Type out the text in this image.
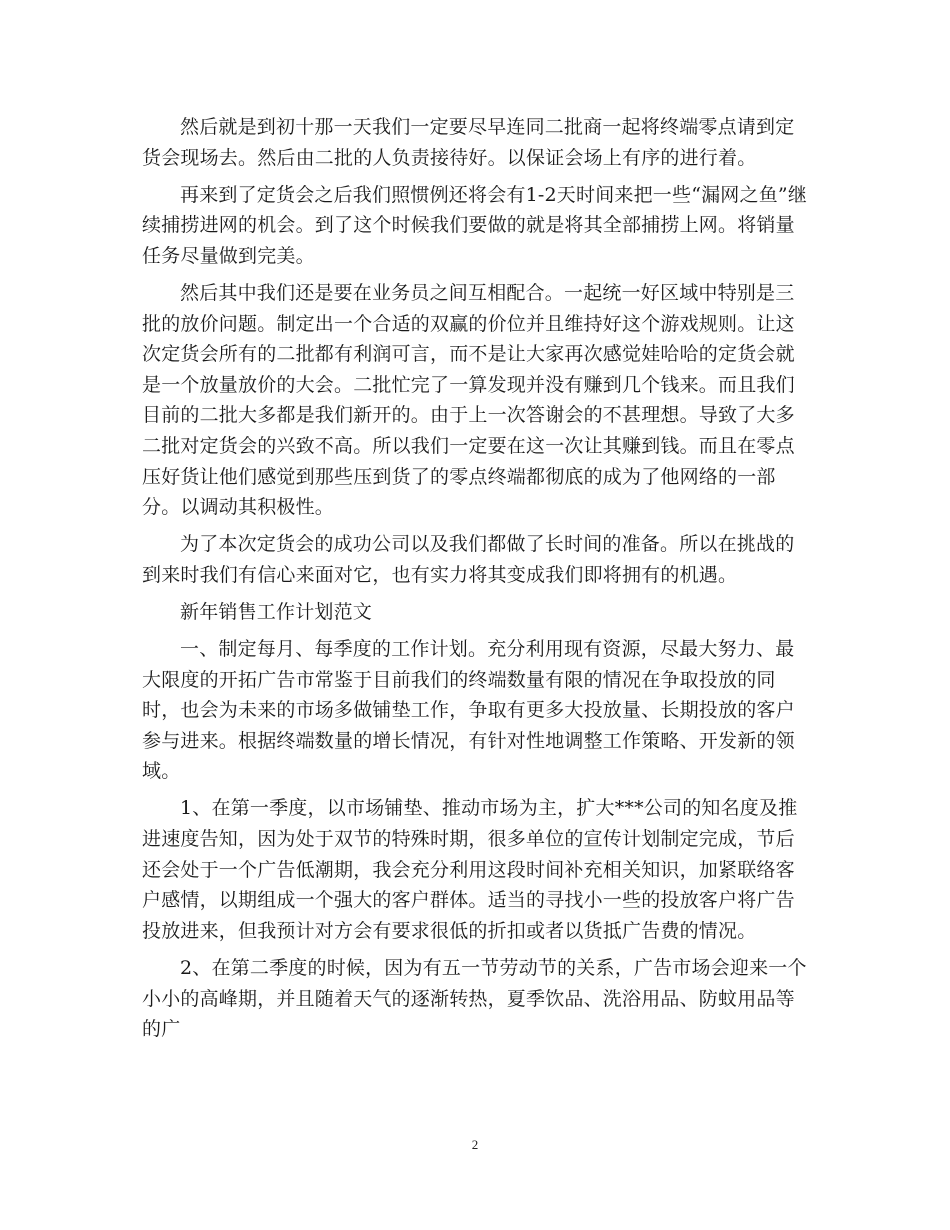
然后就是到初十那一天我们一定要尽早连同二批商一起将终端零点请到定货会现场去。然后由二批的人负责接待好。以保证会场上有序的进行着。

再来到了定货会之后我们照惯例还将会有1-2天时间来把一些“漏网之鱼”继续捕捞进网的机会。到了这个时候我们要做的就是将其全部捕捞上网。将销量任务尽量做到完美。

然后其中我们还是要在业务员之间互相配合。一起统一好区域中特别是三批的放价问题。制定出一个合适的双赢的价位并且维持好这个游戏规则。让这次定货会所有的二批都有利润可言，而不是让大家再次感觉娃哈哈的定货会就是一个放量放价的大会。二批忙完了一算发现并没有赚到几个钱来。而且我们目前的二批大多都是我们新开的。由于上一次答谢会的不甚理想。导致了大多二批对定货会的兴致不高。所以我们一定要在这一次让其赚到钱。而且在零点压好货让他们感觉到那些压到货了的零点终端都彻底的成为了他网络的一部分。以调动其积极性。

为了本次定货会的成功公司以及我们都做了长时间的准备。所以在挑战的到来时我们有信心来面对它，也有实力将其变成我们即将拥有的机遇。

新年销售工作计划范文

一、制定每月、每季度的工作计划。充分利用现有资源，尽最大努力、最大限度的开拓广告市常鉴于目前我们的终端数量有限的情况在争取投放的同时，也会为未来的市场多做铺垫工作，争取有更多大投放量、长期投放的客户参与进来。根据终端数量的增长情况，有针对性地调整工作策略、开发新的领域。

1、在第一季度，以市场铺垫、推动市场为主，扩大***公司的知名度及推进速度告知，因为处于双节的特殊时期，很多单位的宣传计划制定完成，节后还会处于一个广告低潮期，我会充分利用这段时间补充相关知识，加紧联络客户感情，以期组成一个强大的客户群体。适当的寻找小一些的投放客户将广告投放进来，但我预计对方会有要求很低的折扣或者以货抵广告费的情况。

2、在第二季度的时候，因为有五一节劳动节的关系，广告市场会迎来一个小小的高峰期，并且随着天气的逐渐转热，夏季饮品、洗浴用品、防蚊用品等的广

2
